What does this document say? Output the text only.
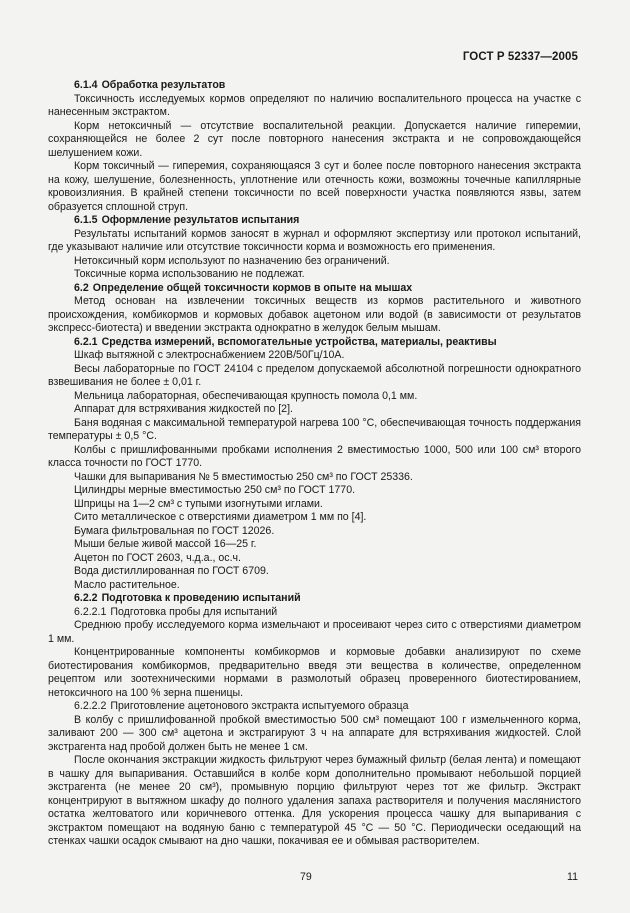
ГОСТ Р 52337—2005

6.1.4 Обработка результатов

Токсичность исследуемых кормов определяют по наличию воспалительного процесса на участке с нанесенным экстрактом.

Корм нетоксичный — отсутствие воспалительной реакции. Допускается наличие гиперемии, сохраняющейся не более 2 сут после повторного нанесения экстракта и не сопровождающейся шелушением кожи.

Корм токсичный — гиперемия, сохраняющаяся 3 сут и более после повторного нанесения экстракта на кожу, шелушение, болезненность, уплотнение или отечность кожи, возможны точечные капиллярные кровоизлияния. В крайней степени токсичности по всей поверхности участка появляются язвы, затем образуется сплошной струп.

6.1.5 Оформление результатов испытания

Результаты испытаний кормов заносят в журнал и оформляют экспертизу или протокол испытаний, где указывают наличие или отсутствие токсичности корма и возможность его применения.

Нетоксичный корм используют по назначению без ограничений.

Токсичные корма использованию не подлежат.

6.2 Определение общей токсичности кормов в опыте на мышах

Метод основан на извлечении токсичных веществ из кормов растительного и животного происхождения, комбикормов и кормовых добавок ацетоном или водой (в зависимости от результатов экспресс-биотеста) и введении экстракта однократно в желудок белым мышам.

6.2.1 Средства измерений, вспомогательные устройства, материалы, реактивы

Шкаф вытяжной с электроснабжением 220В/50Гц/10А.

Весы лабораторные по ГОСТ 24104 с пределом допускаемой абсолютной погрешности однократного взвешивания не более ± 0,01 г.

Мельница лабораторная, обеспечивающая крупность помола 0,1 мм.

Аппарат для встряхивания жидкостей по [2].

Баня водяная с максимальной температурой нагрева 100 °С, обеспечивающая точность поддержания температуры ± 0,5 °С.

Колбы с пришлифованными пробками исполнения 2 вместимостью 1000, 500 или 100 см³ второго класса точности по ГОСТ 1770.

Чашки для выпаривания № 5 вместимостью 250 см³ по ГОСТ 25336.

Цилиндры мерные вместимостью 250 см³ по ГОСТ 1770.

Шприцы на 1—2 см³ с тупыми изогнутыми иглами.

Сито металлическое с отверстиями диаметром 1 мм по [4].

Бумага фильтровальная по ГОСТ 12026.

Мыши белые живой массой 16—25 г.

Ацетон по ГОСТ 2603, ч.д.а., ос.ч.

Вода дистиллированная по ГОСТ 6709.

Масло растительное.

6.2.2 Подготовка к проведению испытаний

6.2.2.1 Подготовка пробы для испытаний

Среднюю пробу исследуемого корма измельчают и просеивают через сито с отверстиями диаметром 1 мм.

Концентрированные компоненты комбикормов и кормовые добавки анализируют по схеме биотестирования комбикормов, предварительно введя эти вещества в количестве, определенном рецептом или зоотехническими нормами в размолотый образец провеpенного биотестированием, нетоксичного на 100 % зерна пшеницы.

6.2.2.2 Приготовление ацетонового экстракта испытуемого образца

В колбу с пришлифованной пробкой вместимостью 500 см³ помещают 100 г измельченного корма, заливают 200 — 300 см³ ацетона и экстрагируют 3 ч на аппарате для встряхивания жидкостей. Слой экстрагента над пробой должен быть не менее 1 см.

После окончания экстракции жидкость фильтруют через бумажный фильтр (белая лента) и помещают в чашку для выпаривания. Оставшийся в колбе корм дополнительно промывают небольшой порцией экстрагента (не менее 20 см³), промывную порцию фильтруют через тот же фильтр. Экстракт концентрируют в вытяжном шкафу до полного удаления запаха растворителя и получения маслянистого остатка желтоватого или коричневого оттенка. Для ускорения процесса чашку для выпаривания с экстрактом помещают на водяную баню с температурой 45 °С — 50 °С. Периодически оседающий на стенках чашки осадок смывают на дно чашки, покачивая ее и обмывая растворителем.

79	11
